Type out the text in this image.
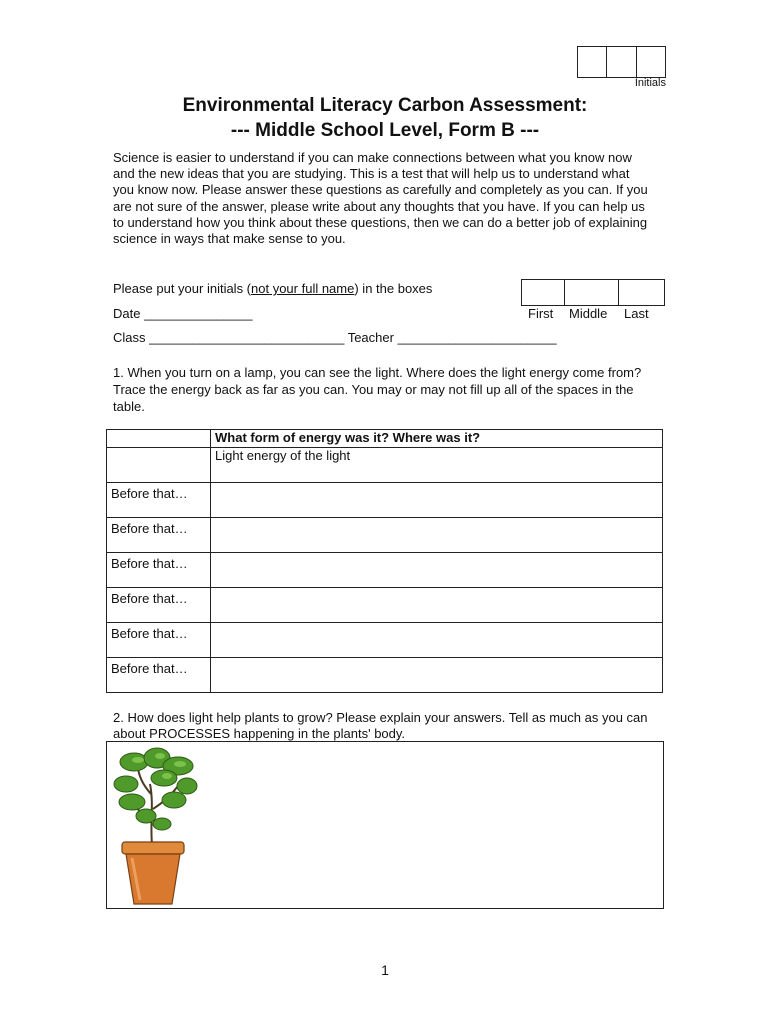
Initials
Environmental Literacy Carbon Assessment:
--- Middle School Level, Form B ---
Science is easier to understand if you can make connections between what you know now and the new ideas that you are studying. This is a test that will help us to understand what you know now. Please answer these questions as carefully and completely as you can. If you are not sure of the answer, please write about any thoughts that you have. If you can help us to understand how you think about these questions, then we can do a better job of explaining science in ways that make sense to you.
Please put your initials (not your full name) in the boxes
Date _______________	First Middle Last
Class ___________________________ Teacher ______________________
1. When you turn on a lamp, you can see the light. Where does the light energy come from? Trace the energy back as far as you can. You may or may not fill up all of the spaces in the table.
	What form of energy was it? Where was it?
	Light energy of the light
Before that…	
Before that…	
Before that…	
Before that…	
Before that…	
Before that…	
2. How does light help plants to grow? Please explain your answers. Tell as much as you can about PROCESSES happening in the plants' body.
1
